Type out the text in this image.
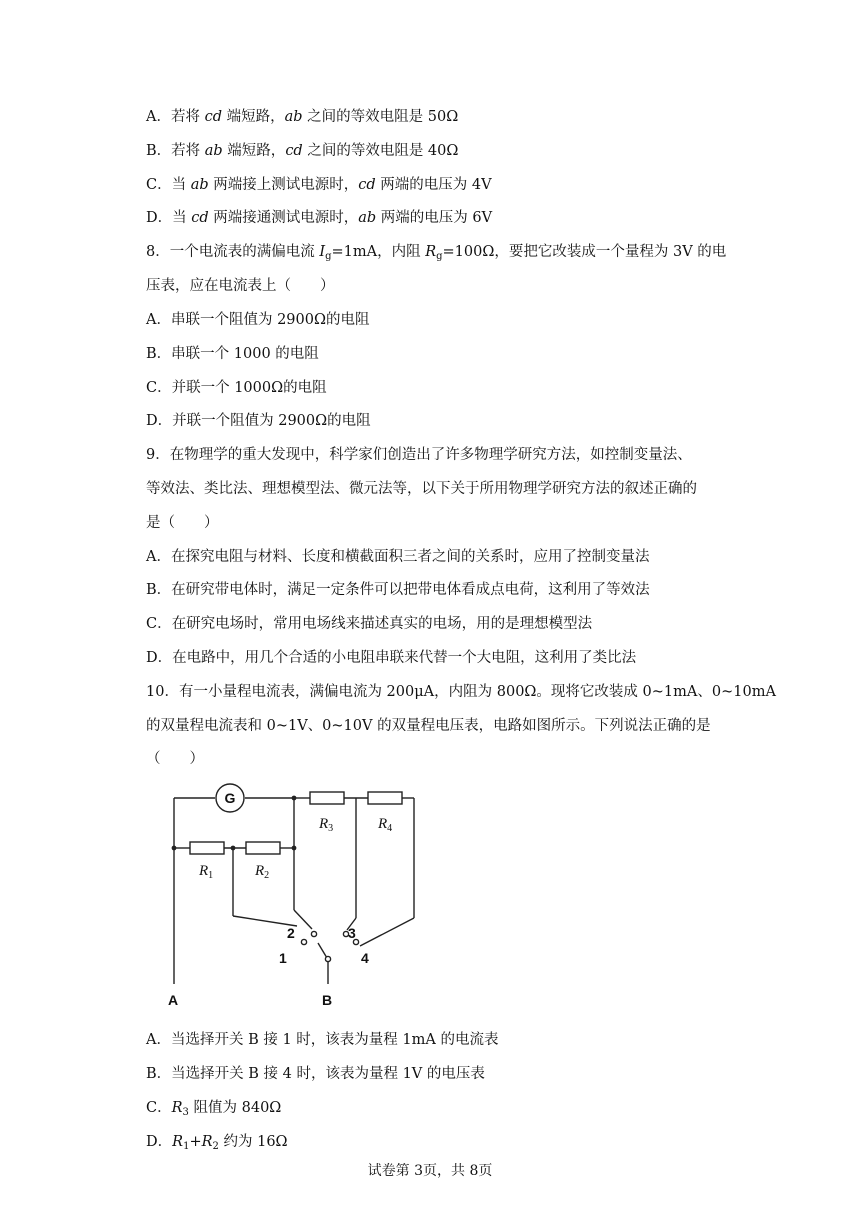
A．若将 cd 端短路，ab 之间的等效电阻是 50Ω
B．若将 ab 端短路，cd 之间的等效电阻是 40Ω
C．当 ab 两端接上测试电源时，cd 两端的电压为 4V
D．当 cd 两端接通测试电源时，ab 两端的电压为 6V
8．一个电流表的满偏电流 $I_g=1mA$，内阻 $R_g=100\Omega$，要把它改装成一个量程为 3V 的电
压表，应在电流表上（　　）
A．串联一个阻值为 2900Ω的电阻
B．串联一个 1000 的电阻
C．并联一个 1000Ω的电阻
D．并联一个阻值为 2900Ω的电阻
9．在物理学的重大发现中，科学家们创造出了许多物理学研究方法，如控制变量法、
等效法、类比法、理想模型法、微元法等，以下关于所用物理学研究方法的叙述正确的
是（　　）
A．在探究电阻与材料、长度和横截面积三者之间的关系时，应用了控制变量法
B．在研究带电体时，满足一定条件可以把带电体看成点电荷，这利用了等效法
C．在研究电场时，常用电场线来描述真实的电场，用的是理想模型法
D．在电路中，用几个合适的小电阻串联来代替一个大电阻，这利用了类比法
10．有一小量程电流表，满偏电流为 200μA，内阻为 800Ω。现将它改装成 0~1mA、0~10mA
的双量程电流表和 0~1V、0~10V 的双量程电压表，电路如图所示。下列说法正确的是
（　　）
G
$R_3$	$R_4$
$R_1$	$R_2$
1
2	3
4
A	B
A．当选择开关 B 接 1 时，该表为量程 1mA 的电流表
B．当选择开关 B 接 4 时，该表为量程 1V 的电压表
C．$R_3$ 阻值为 840Ω
D．$R_1+R_2$ 约为 16Ω
试卷第 3页，共 8页
